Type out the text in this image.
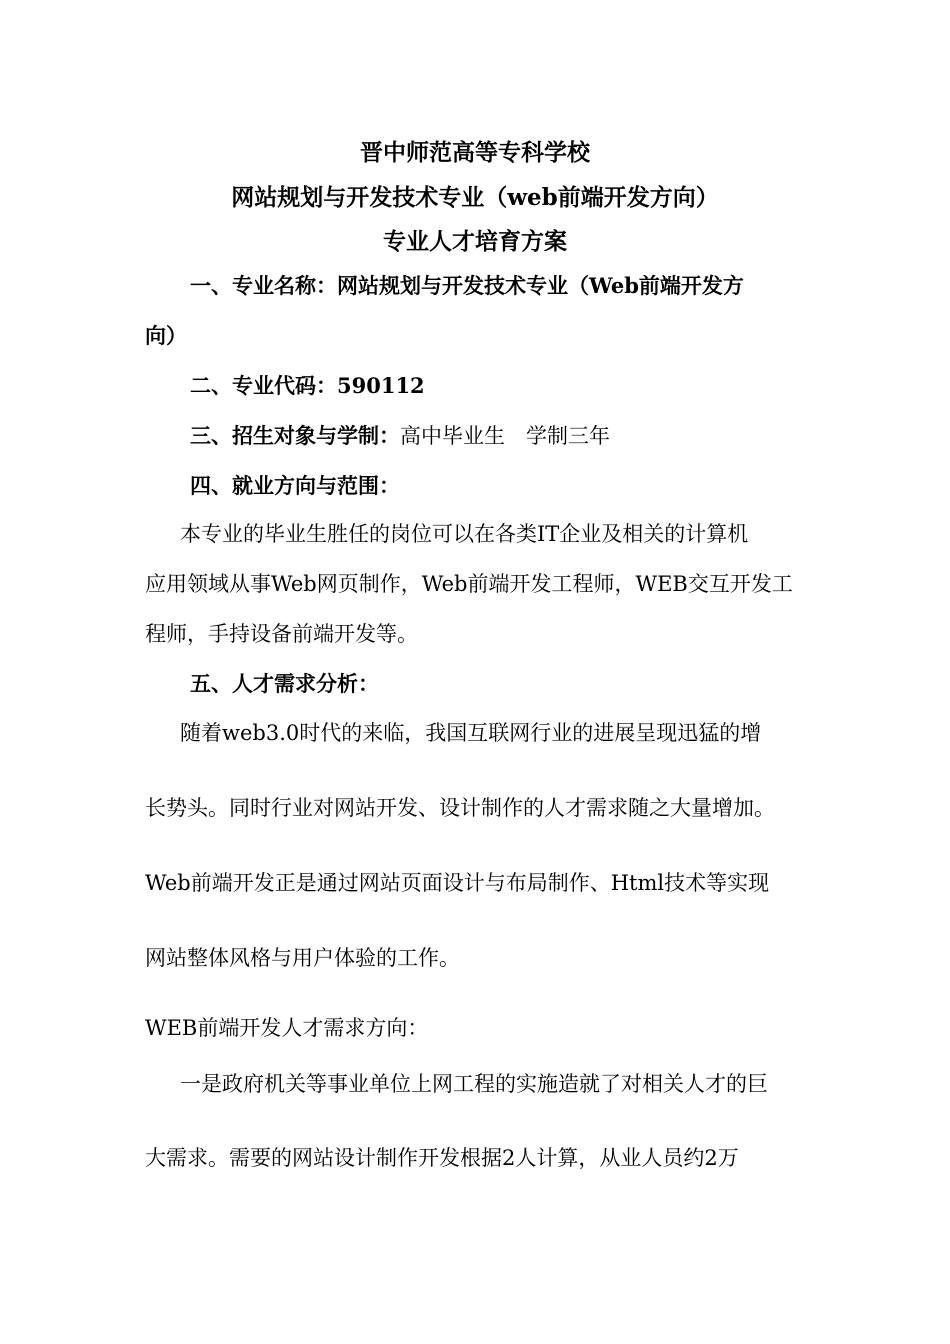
晋中师范高等专科学校
网站规划与开发技术专业（web前端开发方向）
专业人才培育方案
一、专业名称：网站规划与开发技术专业（Web前端开发方
向）
二、专业代码：590112
三、招生对象与学制：高中毕业生　学制三年
四、就业方向与范围：
本专业的毕业生胜任的岗位可以在各类IT企业及相关的计算机
应用领域从事Web网页制作，Web前端开发工程师，WEB交互开发工
程师，手持设备前端开发等。
五、人才需求分析：
随着web3.0时代的来临，我国互联网行业的进展呈现迅猛的增
长势头。同时行业对网站开发、设计制作的人才需求随之大量增加。
Web前端开发正是通过网站页面设计与布局制作、Html技术等实现
网站整体风格与用户体验的工作。
WEB前端开发人才需求方向：
一是政府机关等事业单位上网工程的实施造就了对相关人才的巨
大需求。需要的网站设计制作开发根据2人计算，从业人员约2万
